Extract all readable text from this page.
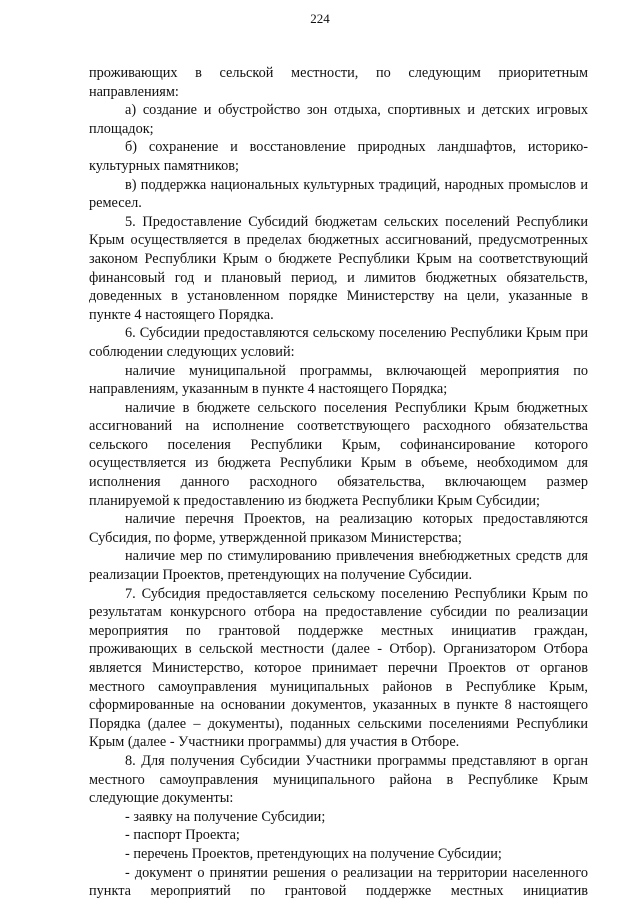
224

проживающих в сельской местности, по следующим приоритетным направлениям:

а) создание и обустройство зон отдыха, спортивных и детских игровых площадок;

б) сохранение и восстановление природных ландшафтов, историко-культурных памятников;

в) поддержка национальных культурных традиций, народных промыслов и ремесел.

5. Предоставление Субсидий бюджетам сельских поселений Республики Крым осуществляется в пределах бюджетных ассигнований, предусмотренных законом Республики Крым о бюджете Республики Крым на соответствующий финансовый год и плановый период, и лимитов бюджетных обязательств, доведенных в установленном порядке Министерству на цели, указанные в пункте 4 настоящего Порядка.

6. Субсидии предоставляются сельскому поселению Республики Крым при соблюдении следующих условий:

наличие муниципальной программы, включающей мероприятия по направлениям, указанным в пункте 4 настоящего Порядка;

наличие в бюджете сельского поселения Республики Крым бюджетных ассигнований на исполнение соответствующего расходного обязательства сельского поселения Республики Крым, софинансирование которого осуществляется из бюджета Республики Крым в объеме, необходимом для исполнения данного расходного обязательства, включающем размер планируемой к предоставлению из бюджета Республики Крым Субсидии;

наличие перечня Проектов, на реализацию которых предоставляются Субсидия, по форме, утвержденной приказом Министерства;

наличие мер по стимулированию привлечения внебюджетных средств для реализации Проектов, претендующих на получение Субсидии.

7. Субсидия предоставляется сельскому поселению Республики Крым по результатам конкурсного отбора на предоставление субсидии по реализации мероприятия по грантовой поддержке местных инициатив граждан, проживающих в сельской местности (далее - Отбор). Организатором Отбора является Министерство, которое принимает перечни Проектов от органов местного самоуправления муниципальных районов в Республике Крым, сформированные на основании документов, указанных в пункте 8 настоящего Порядка (далее – документы), поданных сельскими поселениями Республики Крым (далее - Участники программы) для участия в Отборе.

8. Для получения Субсидии Участники программы представляют в орган местного самоуправления муниципального района в Республике Крым следующие документы:

- заявку на получение Субсидии;

- паспорт Проекта;

- перечень Проектов, претендующих на получение Субсидии;

- документ о принятии решения о реализации на территории населенного пункта мероприятий по грантовой поддержке местных инициатив
